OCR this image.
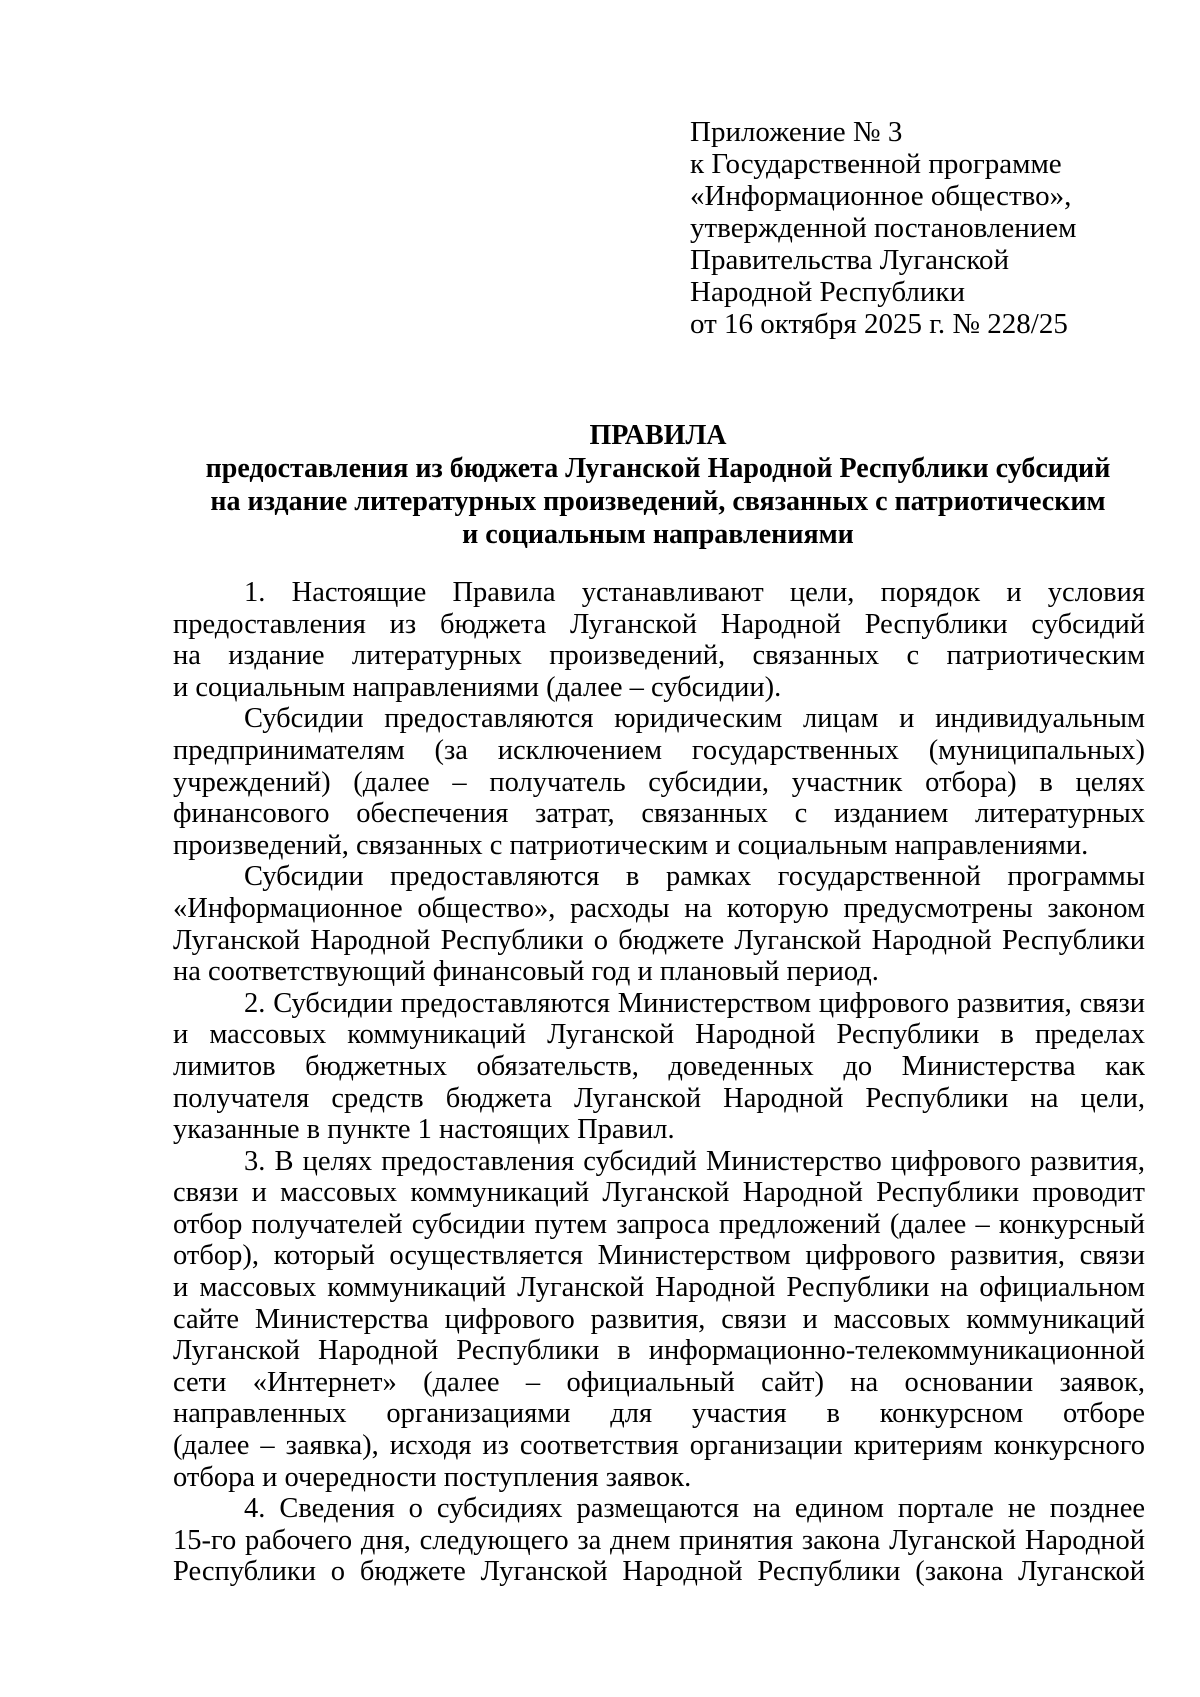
Приложение № 3
к Государственной программе
«Информационное общество»,
утвержденной постановлением
Правительства Луганской
Народной Республики
от 16 октября 2025 г. № 228/25
ПРАВИЛА
предоставления из бюджета Луганской Народной Республики субсидий
на издание литературных произведений, связанных с патриотическим
и социальным направлениями
1. Настоящие Правила устанавливают цели, порядок и условия
предоставления из бюджета Луганской Народной Республики субсидий
на издание литературных произведений, связанных с патриотическим
и социальным направлениями (далее – субсидии).
Субсидии предоставляются юридическим лицам и индивидуальным
предпринимателям (за исключением государственных (муниципальных)
учреждений) (далее – получатель субсидии, участник отбора) в целях
финансового обеспечения затрат, связанных с изданием литературных
произведений, связанных с патриотическим и социальным направлениями.
Субсидии предоставляются в рамках государственной программы
«Информационное общество», расходы на которую предусмотрены законом
Луганской Народной Республики о бюджете Луганской Народной Республики
на соответствующий финансовый год и плановый период.
2. Субсидии предоставляются Министерством цифрового развития, связи
и массовых коммуникаций Луганской Народной Республики в пределах
лимитов бюджетных обязательств, доведенных до Министерства как
получателя средств бюджета Луганской Народной Республики на цели,
указанные в пункте 1 настоящих Правил.
3. В целях предоставления субсидий Министерство цифрового развития,
связи и массовых коммуникаций Луганской Народной Республики проводит
отбор получателей субсидии путем запроса предложений (далее – конкурсный
отбор), который осуществляется Министерством цифрового развития, связи
и массовых коммуникаций Луганской Народной Республики на официальном
сайте Министерства цифрового развития, связи и массовых коммуникаций
Луганской Народной Республики в информационно-телекоммуникационной
сети «Интернет» (далее – официальный сайт) на основании заявок,
направленных организациями для участия в конкурсном отборе
(далее – заявка), исходя из соответствия организации критериям конкурсного
отбора и очередности поступления заявок.
4. Сведения о субсидиях размещаются на едином портале не позднее
15-го рабочего дня, следующего за днем принятия закона Луганской Народной
Республики о бюджете Луганской Народной Республики (закона Луганской
